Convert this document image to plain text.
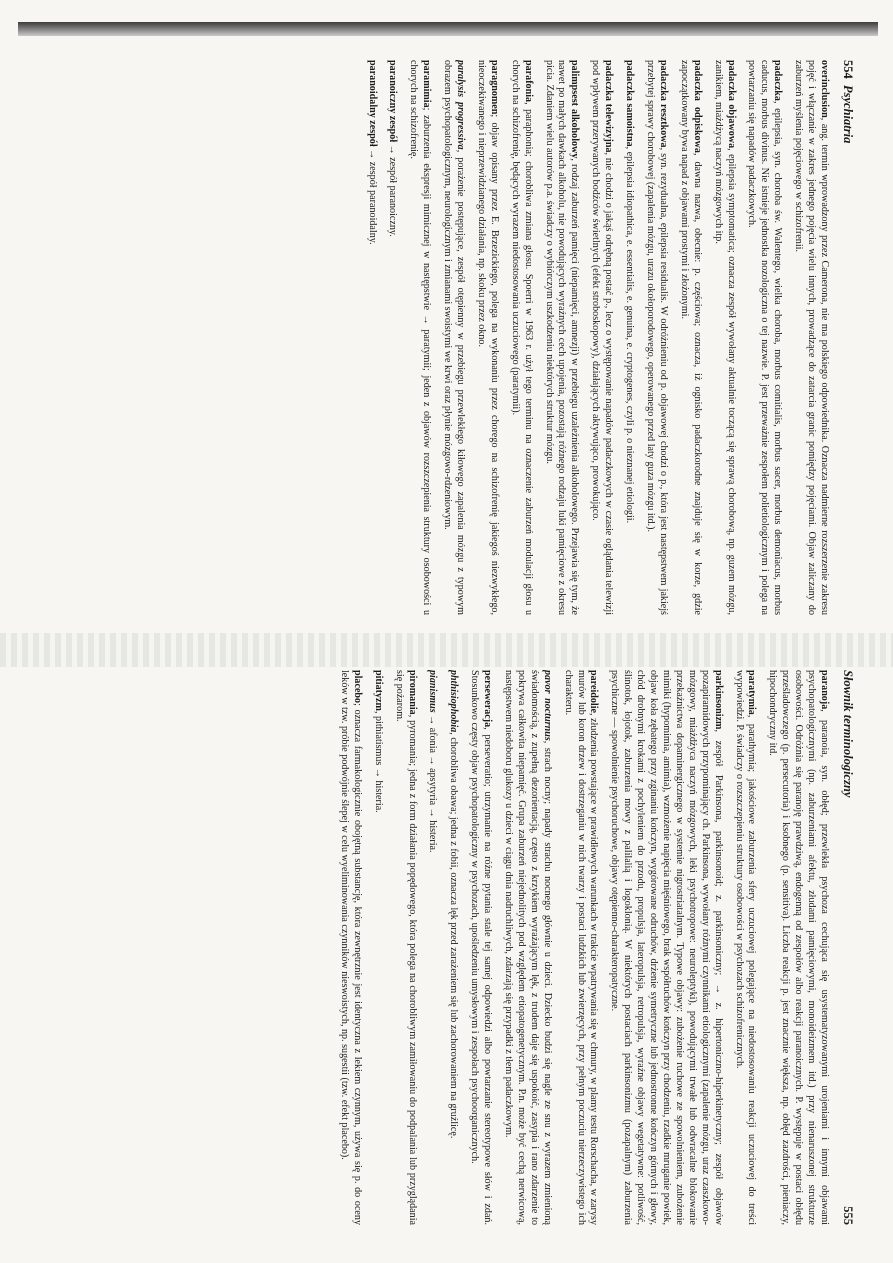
554  Psychiatria

overinclusion, ang. termin wprowadzony przez Camerona, nie ma polskiego odpowiednika. Oznacza nadmierne rozszerzenie zakresu pojęć i włączanie w zakres jednego pojęcia wielu innych, prowadzące do zatarcia granic pomiędzy pojęciami. Objaw zaliczany do zaburzeń myślenia pojęciowego w schizofrenii.

padaczka, epilepsia, syn. choroba św. Walentego, wielka choroba, morbus comitialis, morbus sacer, morbus demoniacus, morbus caducus, morbus divinus. Nie istnieje jednostka nozologiczna o tej nazwie. P. jest przeważnie zespołem polietiologicznym i polega na powtarzaniu się napadów padaczkowych.

padaczka objawowa, epilepsia symptomatica; oznacza zespół wywołany aktualnie toczącą się sprawą chorobową, np. guzem mózgu, zanikiem, miażdżycą naczyń mózgowych itp.

padaczka odpiskowa, dawna nazwa, obecnie: p. częściowa; oznacza, iż ognisko padaczkorodne znajduje się w korze, gdzie zapoczątkowany bywa napad z objawami prostymi i złożonymi.

padaczka resztkowa, syn. rezydualna, epilepsia residualis. W odróżnieniu od p. objawowej chodzi o p., która jest następstwem jakiejś przebytej sprawy chorobowej (zapalenia mózgu, urazu okołoporodowego, operowanego przed laty guza mózgu itd.).

padaczka samoistna, epilepsia idiopathica, e. essentialis, e. genuina, e. cryptogenes, czyli p. o nieznanej etiologii.

padaczka telewizyjna, nie chodzi o jakąś odrębną postać p., lecz o występowanie napadów padaczkowych w czasie oglądania telewizji pod wpływem przerywanych bodźców świetlnych (efekt stroboskopowy), działających aktywująco, prowokująco.

palimpsest alkoholowy, rodzaj zaburzeń pamięci (niepamięci, amnezji) w przebiegu uzależnienia alkoholowego. Przejawia się tym, że nawet po małych dawkach alkoholu, nie powodujących wyraźnych cech upojenia, pozostają różnego rodzaju luki pamięciowe z okresu picia. Zdaniem wielu autorów p.a. świadczy o wybiórczym uszkodzeniu niektórych struktur mózgu.

parafonia, paraphonia; chorobliwa zmiana głosu. Spoerri w 1963 r. użył tego terminu na oznaczenie zaburzeń modulacji głosu u chorych na schizofrenię, będących wyrazem niedostosowania uczuciowego (paratymii).

paragnomen; objaw opisany przez E. Brzezickiego, polega na wykonaniu przez chorego na schizofrenię jakiegoś niezwykłego, nieoczekiwanego i nieprzewidzianego działania, np. skoku przez okno.

paralysis progressiva, porażenie postępujące, zespół otępienny w przebiegu przewlekłego kiłowego zapalenia mózgu z typowym obrazem psychopatologicznym, neurologicznym i zmianami swoistymi we krwi oraz płynie mózgowo-rdzeniowym.

paramimia; zaburzenia ekspresji mimicznej w następstwie → paratymii; jeden z objawów rozszczepienia struktury osobowości u chorych na schizofrenię.

paranoiczny zespół → zespół paranoiczny.

paranoidalny zespół → zespół paranoidalny.

Słownik terminologiczny
555

paranoja, paranoia, syn. obłęd; przewlekła psychoza cechująca się usystematyzowanymi urojeniami i innymi objawami psychopatologicznymi (np. zaburzeniami afektu, złudami pamięciowymi, monoideizmem itd.) przy nienaruszonej strukturze osobowości. Odróżnia się paranoję prawdziwą, endogenną od zespołów albo reakcji paranoicznych. P. występuje w postaci obłędu prześladowczego (p. persecutoria) i ksobnego (p. sensitiva). Liczba reakcji p. jest znacznie większa, np. obłęd zazdrości, pieniaczy, hipochondryczny itd.

paratymia, parathymia; jakościowe zaburzenia sfery uczuciowej polegające na niedostosowaniu reakcji uczuciowej do treści wypowiedzi. P. świadczy o rozszczepieniu struktury osobowości w psychozach schizofrenicznych.

parkinsonizm, zespół Parkinsona, parkinsonoid; z. parkinsoniczny; → z. hipertoniczno-hiperkinetyczny; zespół objawów pozapiramidowych przypominający ch. Parkinsona, wywołany różnymi czynnikami etiologicznymi (zapalenie mózgu, uraz czaszkowo-mózgowy, miażdżyca naczyń mózgowych, leki psychotropowe: neuroleptyki), powodującymi trwałe lub odwracalne blokowanie przekaźnictwa dopaminergicznego w systemie nigrostriatalnym. Typowe objawy: zubożenie ruchowe ze spowolnieniem, zubożenie mimiki (hypomimia, amimia), wzmożenie napięcia mięśniowego, brak współruchów kończyn przy chodzeniu, rzadkie mruganie powiek, objaw koła zębatego przy zginaniu kończyn, wygórowane odruchów, drżenie symetryczne lub jednostronne kończyn górnych i głowy, chód drobnymi krokami z pochyleniem do przodu, propulsja, lateropulsja, retropulsja, wyraźne objawy wegetatywne: potliwość, ślinotok, łojotok, zaburzenia mowy z palilalią i logoklonią. W niektórych postaciach parkinsonizmu (pozapalnym) zaburzenia psychiczne — spowolnienie psychoruchowe, objawy otępienno-charakteropatyczne.

pareidolie, złudzenia powstające w prawidłowych warunkach w trakcie wpatrywania się w chmury, w plamy testu Rorschacha, w zarysy murów lub koron drzew i dostrzeganiu w nich twarzy i postaci ludzkich lub zwierzęcych, przy pełnym poczuciu nierzeczywistego ich charakteru.

pavor nocturnus, strach nocny; napady strachu nocnego głównie u dzieci. Dziecko budzi się nagle ze snu z wyrazem zmienioną świadomością, z zupełną dezorientacją, często z krzykiem wyrażającym lęk, z trudem daje się uspokoić, zasypia i rano zdarzenie to pokrywa całkowita niepamięć. Grupa zaburzeń niejednolitych pod względem etiopatogenetycznym. P.n. może być cechą nerwicową, następstwem niedoboru glukozy u dzieci w ciągu dnia nadruchliwych, zdarzają się przypadki z tłem padaczkowym.

perseweracja, perseveratio; utrzymanie na różne pytania stale tej samej odpowiedzi albo powtarzanie stereotypowe słów i zdań. Stosunkowo częsty objaw psychopatologiczny w psychozach, upośledzeniu umysłowym i zespołach psychoorganicznych.

phthisiophobia, chorobliwa obawa; jedna z fobii, oznacza lęk przed zarażeniem się lub zachorowaniem na gruźlicę.

pianismus → afonia → apsytyria → histeria.

piromania, pyromania; jedna z form działania popędowego, która polega na chorobliwym zamiłowaniu do podpalania lub przyglądania się pożarom.

pitiatyzm, pithiatismus → histeria.

placebo; oznacza farmakologicznie obojętną substancję, która zewnętrznie jest identyczna z lekiem czynnym, używa się p. do oceny leków w tzw. próbie podwójnie ślepej w celu wyeliminowania czynników nieswoistych, np. sugestii (tzw. efekt placebo).
